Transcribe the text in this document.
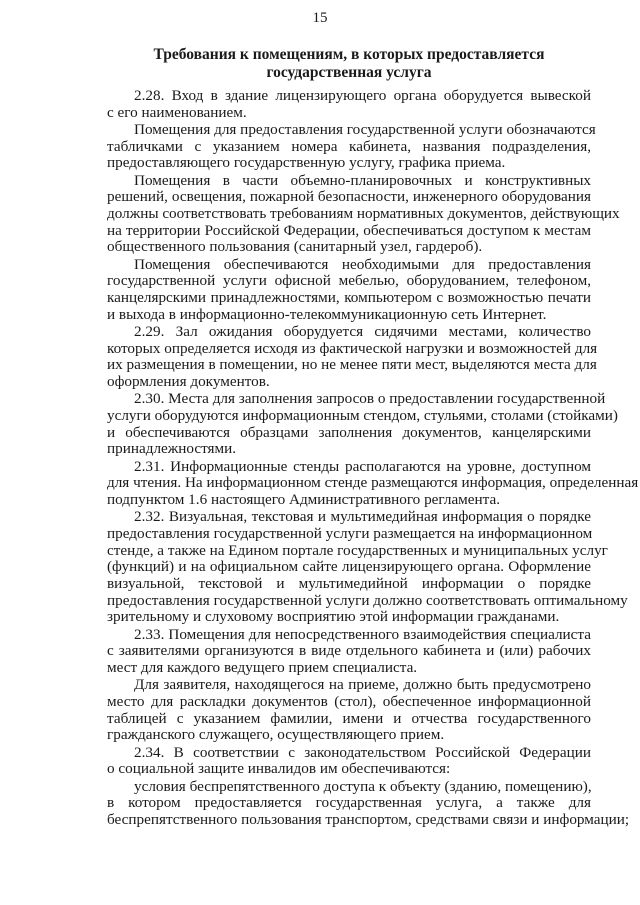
15
Требования к помещениям, в которых предоставляется
государственная услуга
2.28. Вход в здание лицензирующего органа оборудуется вывеской
с его наименованием.
Помещения для предоставления государственной услуги обозначаются
табличками с указанием номера кабинета, названия подразделения,
предоставляющего государственную услугу, графика приема.
Помещения в части объемно-планировочных и конструктивных
решений, освещения, пожарной безопасности, инженерного оборудования
должны соответствовать требованиям нормативных документов, действующих
на территории Российской Федерации, обеспечиваться доступом к местам
общественного пользования (санитарный узел, гардероб).
Помещения обеспечиваются необходимыми для предоставления
государственной услуги офисной мебелью, оборудованием, телефоном,
канцелярскими принадлежностями, компьютером с возможностью печати
и выхода в информационно-телекоммуникационную сеть Интернет.
2.29. Зал ожидания оборудуется сидячими местами, количество
которых определяется исходя из фактической нагрузки и возможностей для
их размещения в помещении, но не менее пяти мест, выделяются места для
оформления документов.
2.30. Места для заполнения запросов о предоставлении государственной
услуги оборудуются информационным стендом, стульями, столами (стойками)
и обеспечиваются образцами заполнения документов, канцелярскими
принадлежностями.
2.31. Информационные стенды располагаются на уровне, доступном
для чтения. На информационном стенде размещаются информация, определенная
подпунктом 1.6 настоящего Административного регламента.
2.32. Визуальная, текстовая и мультимедийная информация о порядке
предоставления государственной услуги размещается на информационном
стенде, а также на Едином портале государственных и муниципальных услуг
(функций) и на официальном сайте лицензирующего органа. Оформление
визуальной, текстовой и мультимедийной информации о порядке
предоставления государственной услуги должно соответствовать оптимальному
зрительному и слуховому восприятию этой информации гражданами.
2.33. Помещения для непосредственного взаимодействия специалиста
с заявителями организуются в виде отдельного кабинета и (или) рабочих
мест для каждого ведущего прием специалиста.
Для заявителя, находящегося на приеме, должно быть предусмотрено
место для раскладки документов (стол), обеспеченное информационной
таблицей с указанием фамилии, имени и отчества государственного
гражданского служащего, осуществляющего прием.
2.34. В соответствии с законодательством Российской Федерации
о социальной защите инвалидов им обеспечиваются:
условия беспрепятственного доступа к объекту (зданию, помещению),
в котором предоставляется государственная услуга, а также для
беспрепятственного пользования транспортом, средствами связи и информации;
